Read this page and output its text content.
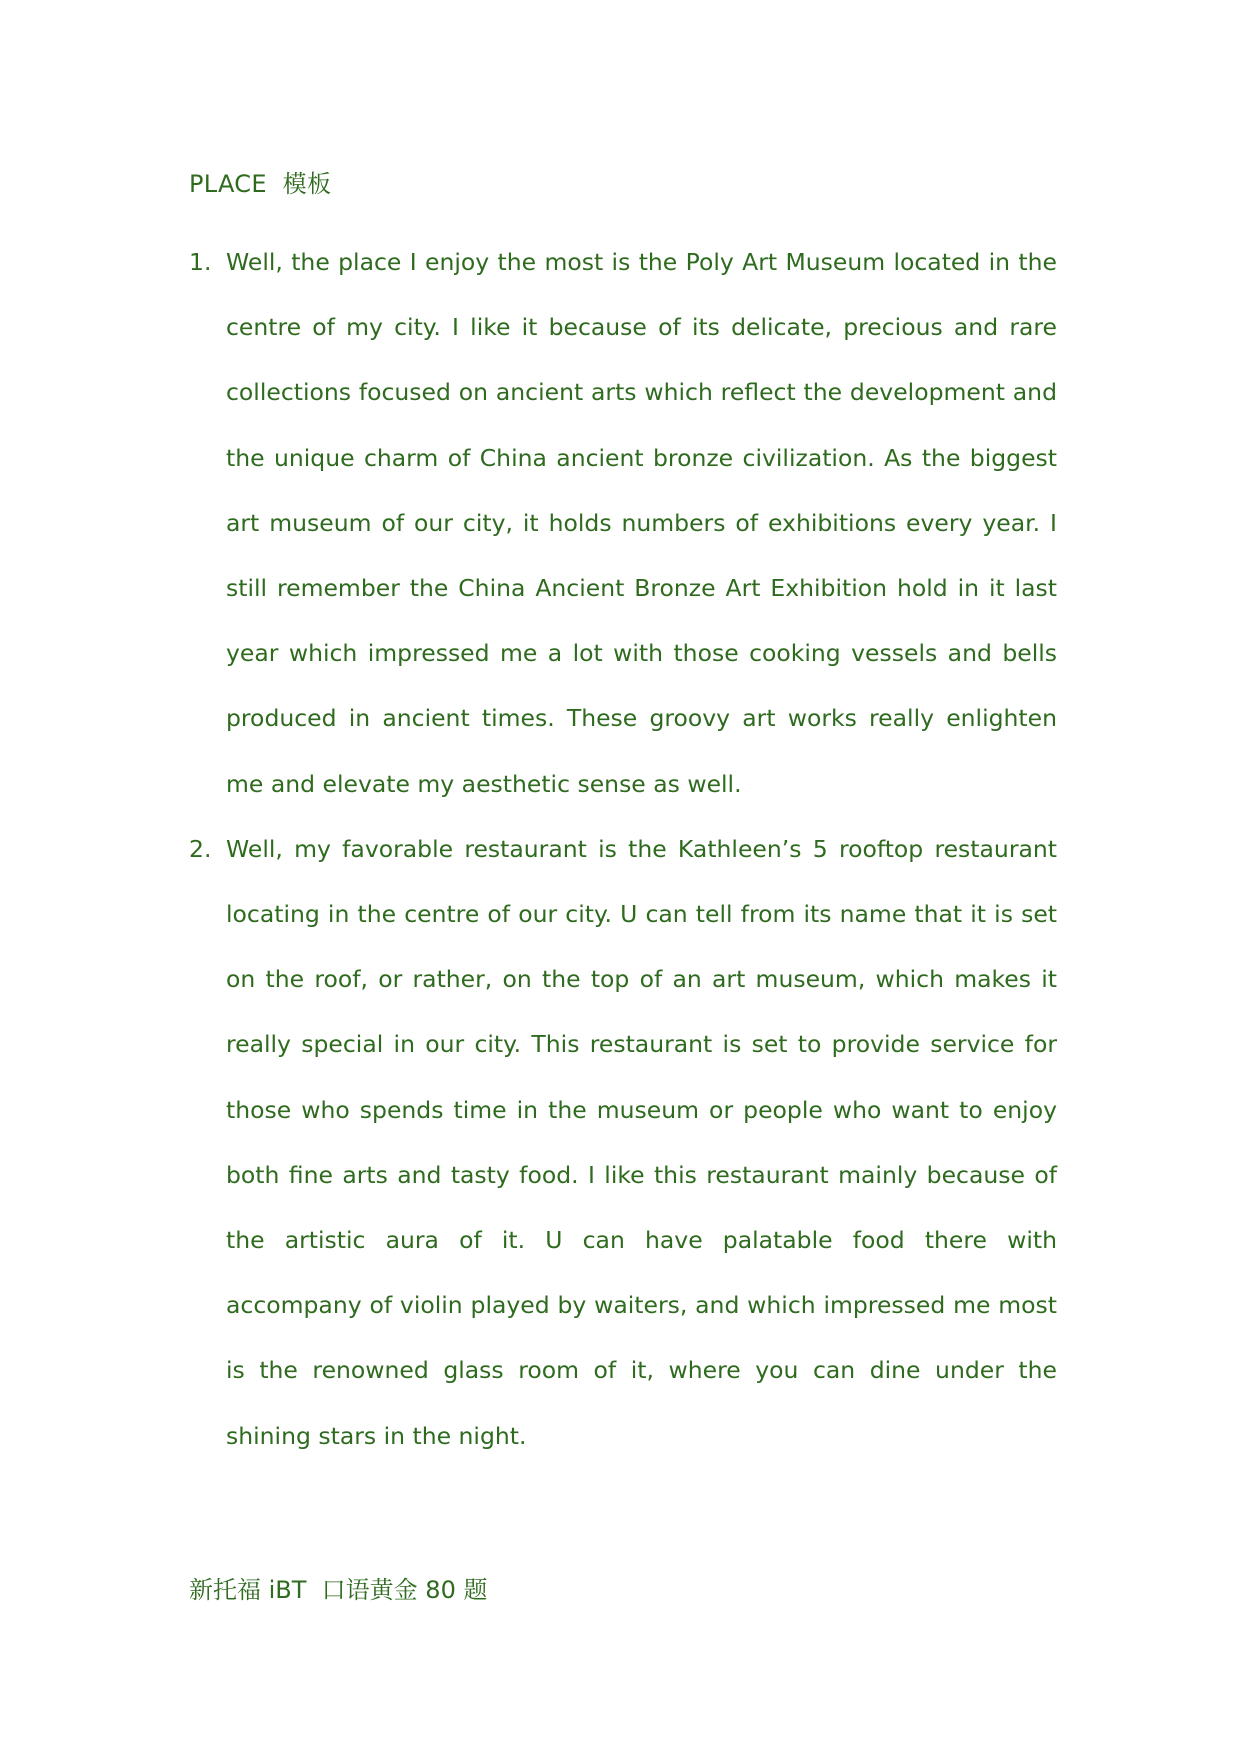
PLACE  模板
1. Well, the place I enjoy the most is the Poly Art Museum located in the centre of my city. I like it because of its delicate, precious and rare collections focused on ancient arts which reflect the development and the unique charm of China ancient bronze civilization. As the biggest art museum of our city, it holds numbers of exhibitions every year. I still remember the China Ancient Bronze Art Exhibition hold in it last year which impressed me a lot with those cooking vessels and bells produced in ancient times. These groovy art works really enlighten me and elevate my aesthetic sense as well.
2. Well, my favorable restaurant is the Kathleen’s 5 rooftop restaurant locating in the centre of our city. U can tell from its name that it is set on the roof, or rather, on the top of an art museum, which makes it really special in our city. This restaurant is set to provide service for those who spends time in the museum or people who want to enjoy both fine arts and tasty food. I like this restaurant mainly because of the artistic aura of it. U can have palatable food there with accompany of violin played by waiters, and which impressed me most is the renowned glass room of it, where you can dine under the shining stars in the night.
新托福 iBT  口语黄金 80 题
